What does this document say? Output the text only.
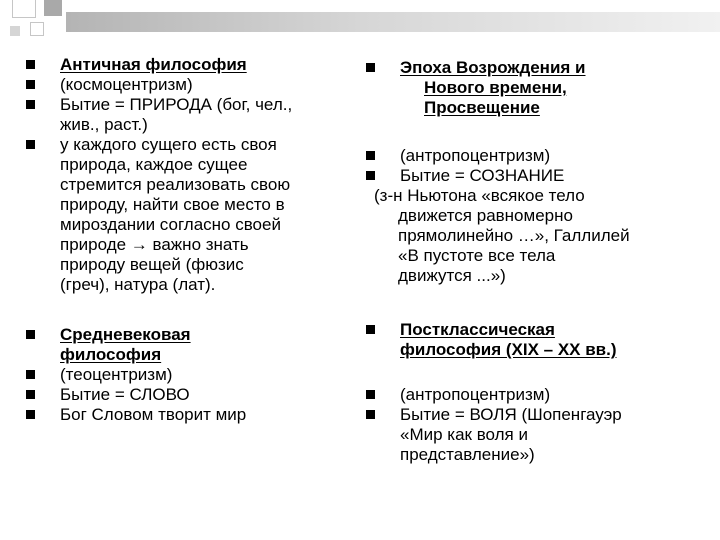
Античная философия
(космоцентризм)
Бытие = ПРИРОДА (бог, чел.,
жив., раст.)
у каждого сущего есть своя
природа, каждое сущее
стремится реализовать свою
природу, найти свое место в
мироздании согласно своей
природе → важно знать
природу вещей (фюзис
(греч), натура (лат).
Средневековая
философия
(теоцентризм)
Бытие = СЛОВО
Бог Словом творит мир
Эпоха Возрождения и
Нового времени,
Просвещение
(антропоцентризм)
Бытие = СОЗНАНИЕ
(з-н Ньютона «всякое тело
движется равномерно
прямолинейно …», Галлилей
«В пустоте все тела
движутся ...»)
Постклассическая
философия (XIX – XX вв.)
(антропоцентризм)
Бытие = ВОЛЯ (Шопенгауэр
«Мир как воля и
представление»)
